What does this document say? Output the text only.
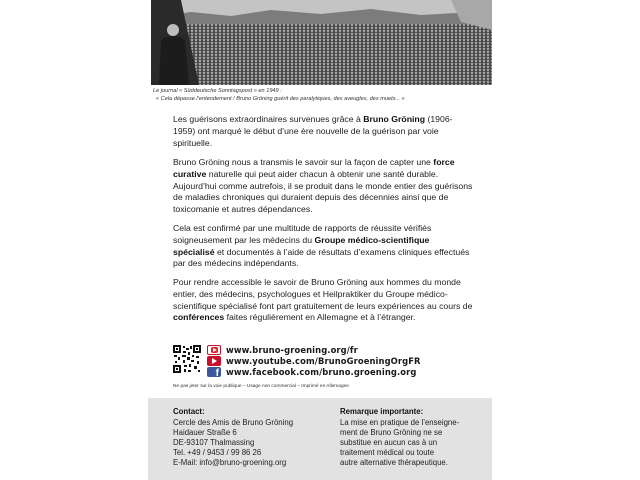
Le journal « Süddeutsche Sonntagspost » en 1949 :
« Cela dépasse l’entendement ! Bruno Gröning guérit des paralytiques, des aveugles, des muets... »
Les guérisons extraordinaires survenues grâce à Bruno Gröning (1906-1959) ont marqué le début d’une ère nouvelle de la guérison par voie spirituelle.
Bruno Gröning nous a transmis le savoir sur la façon de capter une force curative naturelle qui peut aider chacun à obtenir une santé durable. Aujourd’hui comme autrefois, il se produit dans le monde entier des guérisons de maladies chroniques qui duraient depuis des décennies ainsi que de toxicomanie et autres dépendances.
Cela est confirmé par une multitude de rapports de réussite vérifiés soigneusement par les médecins du Groupe médico-scientifique spécialisé et documentés à l’aide de résultats d’examens cliniques effectués par des médecins indépendants.
Pour rendre accessible le savoir de Bruno Gröning aux hommes du monde entier, des médecins, psychologues et Heilpraktiker du Groupe médico-scientifique spécialisé font part gratuitement de leurs expériences au cours de conférences faites régulièrement en Allemagne et à l’étranger.
f
www.bruno-groening.org/fr
www.youtube.com/BrunoGroeningOrgFR
www.facebook.com/bruno.groening.org
Ne pas jeter sur la voie publique – Usage non commercial – Imprimé en Allemagne
Contact:
Cercle des Amis de Bruno Gröning
Haidauer Straße 6
DE-93107 Thalmassing
Tel. +49 / 9453 / 99 86 26
E-Mail: info@bruno-groening.org
Remarque importante:
La mise en pratique de l’enseigne-
ment de Bruno Gröning ne se
substitue en aucun cas à un
traitement médical ou toute
autre alternative thérapeutique.
